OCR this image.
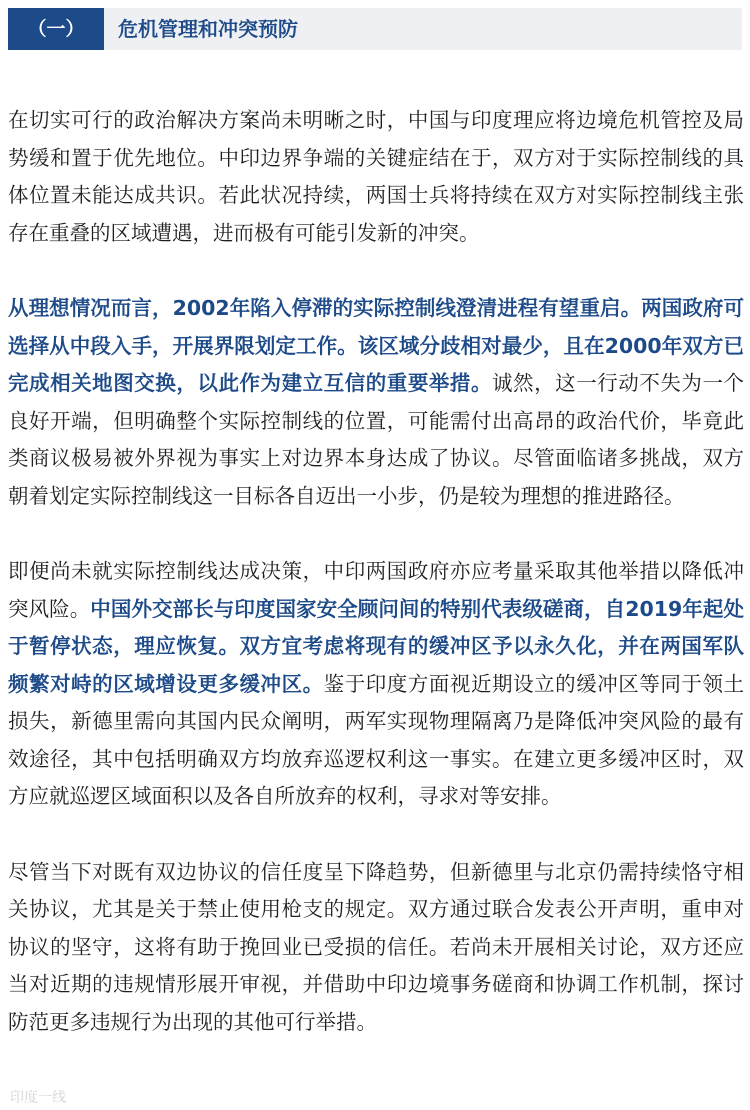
（一）	危机管理和冲突预防

在切实可行的政治解决方案尚未明晰之时，中国与印度理应将边境危机管控及局势缓和置于优先地位。中印边界争端的关键症结在于，双方对于实际控制线的具体位置未能达成共识。若此状况持续，两国士兵将持续在双方对实际控制线主张存在重叠的区域遭遇，进而极有可能引发新的冲突。

从理想情况而言，2002年陷入停滞的实际控制线澄清进程有望重启。两国政府可选择从中段入手，开展界限划定工作。该区域分歧相对最少，且在2000年双方已完成相关地图交换，以此作为建立互信的重要举措。诚然，这一行动不失为一个良好开端，但明确整个实际控制线的位置，可能需付出高昂的政治代价，毕竟此类商议极易被外界视为事实上对边界本身达成了协议。尽管面临诸多挑战，双方朝着划定实际控制线这一目标各自迈出一小步，仍是较为理想的推进路径。

即便尚未就实际控制线达成决策，中印两国政府亦应考量采取其他举措以降低冲突风险。中国外交部长与印度国家安全顾问间的特别代表级磋商，自2019年起处于暂停状态，理应恢复。双方宜考虑将现有的缓冲区予以永久化，并在两国军队频繁对峙的区域增设更多缓冲区。鉴于印度方面视近期设立的缓冲区等同于领土损失，新德里需向其国内民众阐明，两军实现物理隔离乃是降低冲突风险的最有效途径，其中包括明确双方均放弃巡逻权利这一事实。在建立更多缓冲区时，双方应就巡逻区域面积以及各自所放弃的权利，寻求对等安排。

尽管当下对既有双边协议的信任度呈下降趋势，但新德里与北京仍需持续恪守相关协议，尤其是关于禁止使用枪支的规定。双方通过联合发表公开声明，重申对协议的坚守，这将有助于挽回业已受损的信任。若尚未开展相关讨论，双方还应当对近期的违规情形展开审视，并借助中印边境事务磋商和协调工作机制，探讨防范更多违规行为出现的其他可行举措。

印度一线
